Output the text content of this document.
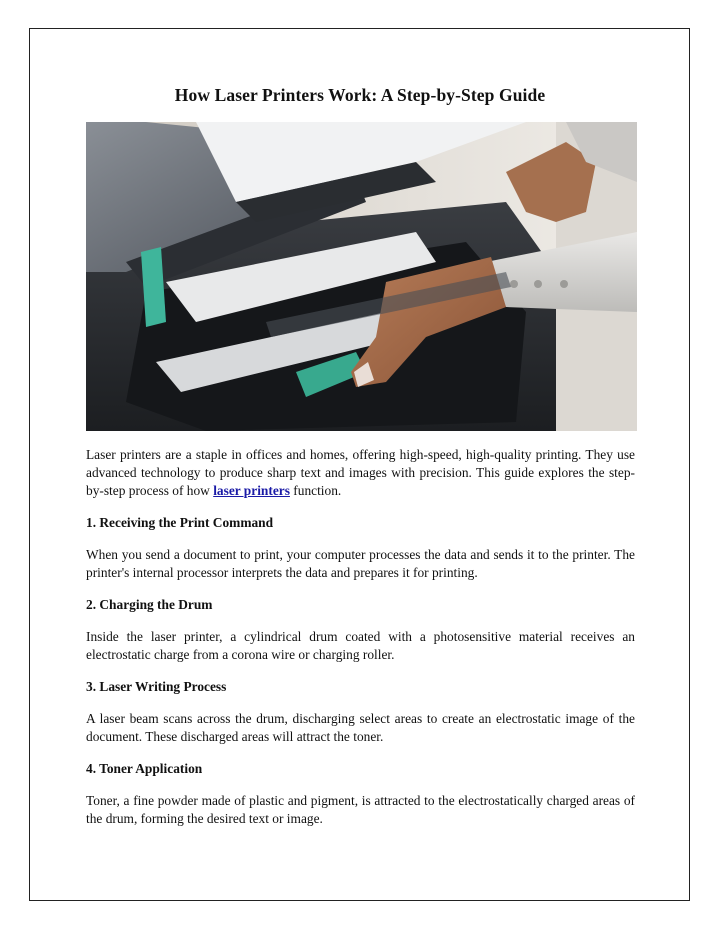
How Laser Printers Work: A Step-by-Step Guide

Laser printers are a staple in offices and homes, offering high-speed, high-quality printing. They use advanced technology to produce sharp text and images with precision. This guide explores the step-by-step process of how laser printers function.

1. Receiving the Print Command

When you send a document to print, your computer processes the data and sends it to the printer. The printer's internal processor interprets the data and prepares it for printing.

2. Charging the Drum

Inside the laser printer, a cylindrical drum coated with a photosensitive material receives an electrostatic charge from a corona wire or charging roller.

3. Laser Writing Process

A laser beam scans across the drum, discharging select areas to create an electrostatic image of the document. These discharged areas will attract the toner.

4. Toner Application

Toner, a fine powder made of plastic and pigment, is attracted to the electrostatically charged areas of the drum, forming the desired text or image.
